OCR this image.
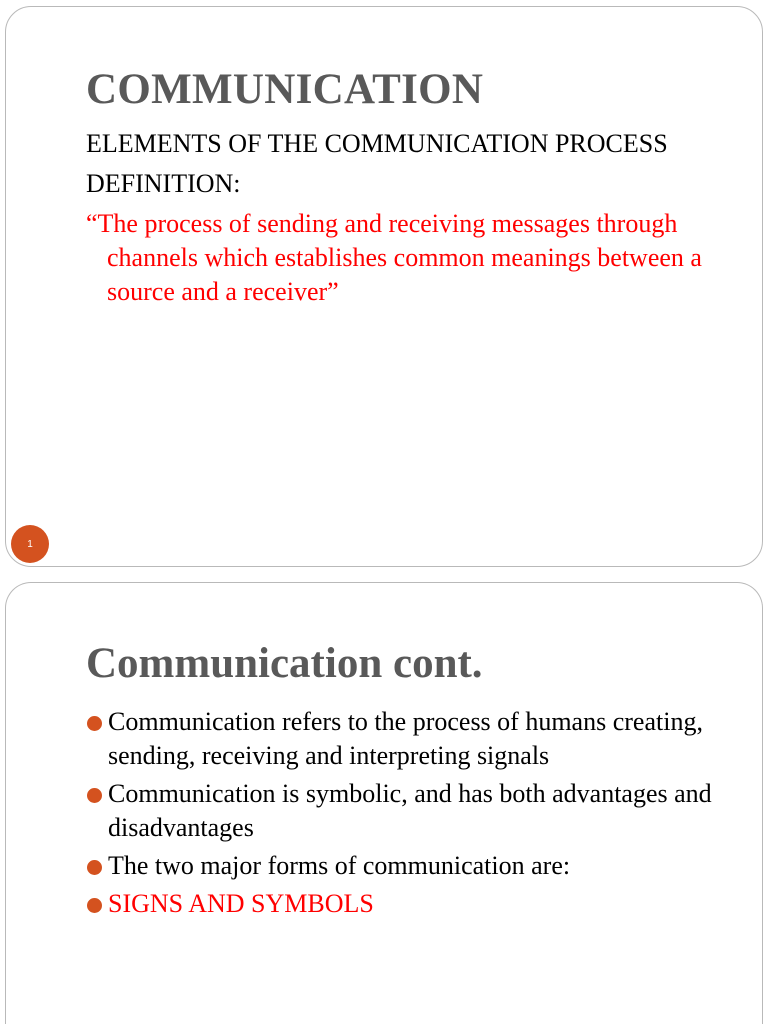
COMMUNICATION
ELEMENTS OF THE COMMUNICATION PROCESS
DEFINITION:

“The process of sending and receiving messages through channels which establishes common meanings between a source and a receiver”

1
Communication cont.
Communication refers to the process of humans creating, sending, receiving and interpreting signals
Communication is symbolic, and has both advantages and disadvantages
The two major forms of communication are:
SIGNS AND SYMBOLS
